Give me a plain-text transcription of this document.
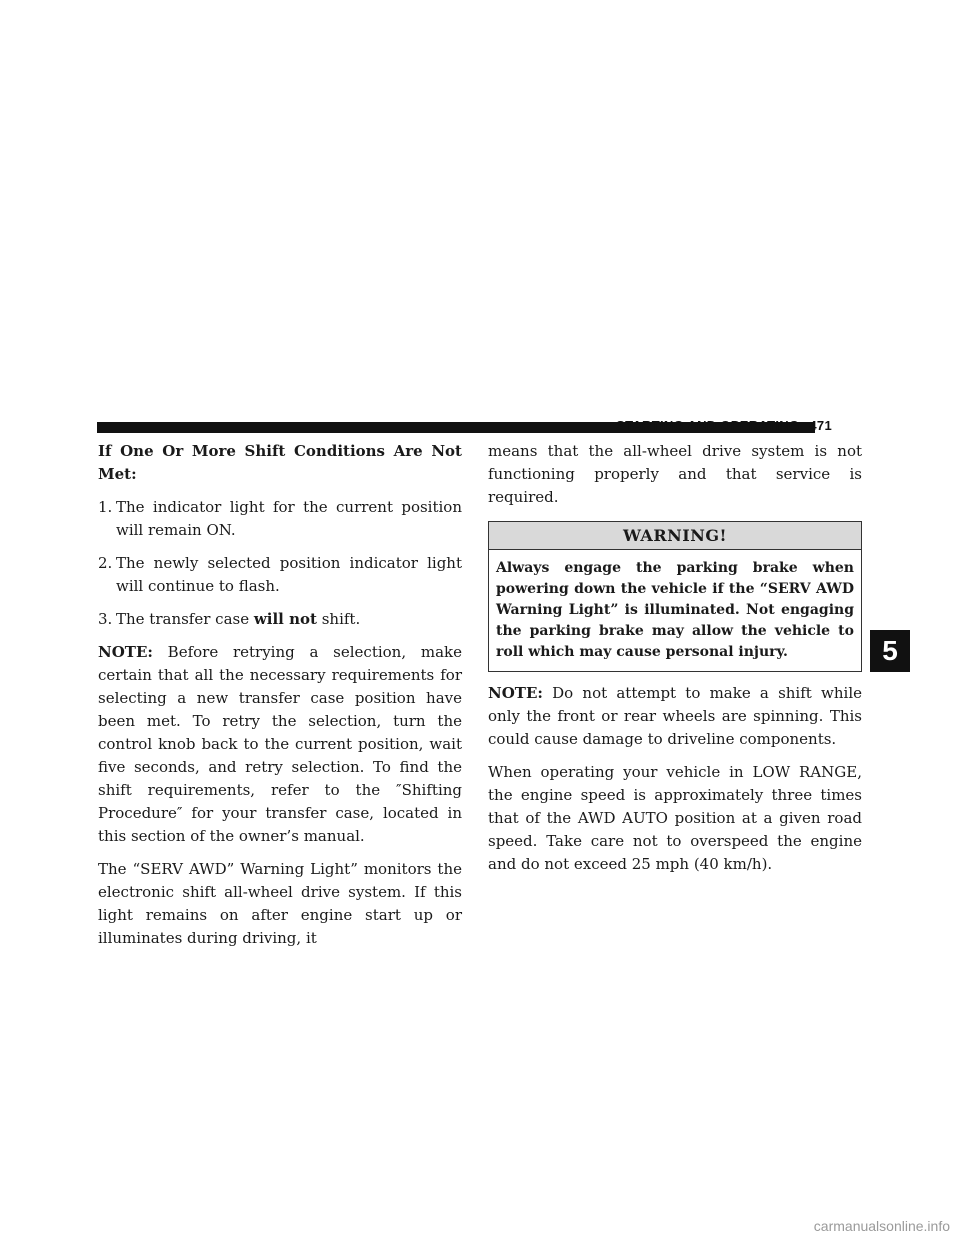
STARTING AND OPERATING 471
If One Or More Shift Conditions Are Not Met:
1. The indicator light for the current position will remain ON.
2. The newly selected position indicator light will continue to flash.
3. The transfer case will not shift.

NOTE: Before retrying a selection, make certain that all the necessary requirements for selecting a new transfer case position have been met. To retry the selection, turn the control knob back to the current position, wait five seconds, and retry selection. To find the shift requirements, refer to the ″Shifting Procedure″ for your transfer case, located in this section of the owner’s manual.

The “SERV AWD” Warning Light” monitors the electronic shift all-wheel drive system. If this light remains on after engine start up or illuminates during driving, it

means that the all-wheel drive system is not functioning properly and that service is required.

WARNING!
Always engage the parking brake when powering down the vehicle if the “SERV AWD Warning Light” is illuminated. Not engaging the parking brake may allow the vehicle to roll which may cause personal injury.

NOTE: Do not attempt to make a shift while only the front or rear wheels are spinning. This could cause damage to driveline components.

When operating your vehicle in LOW RANGE, the engine speed is approximately three times that of the AWD AUTO position at a given road speed. Take care not to overspeed the engine and do not exceed 25 mph (40 km/h).

5
carmanualsonline.info
